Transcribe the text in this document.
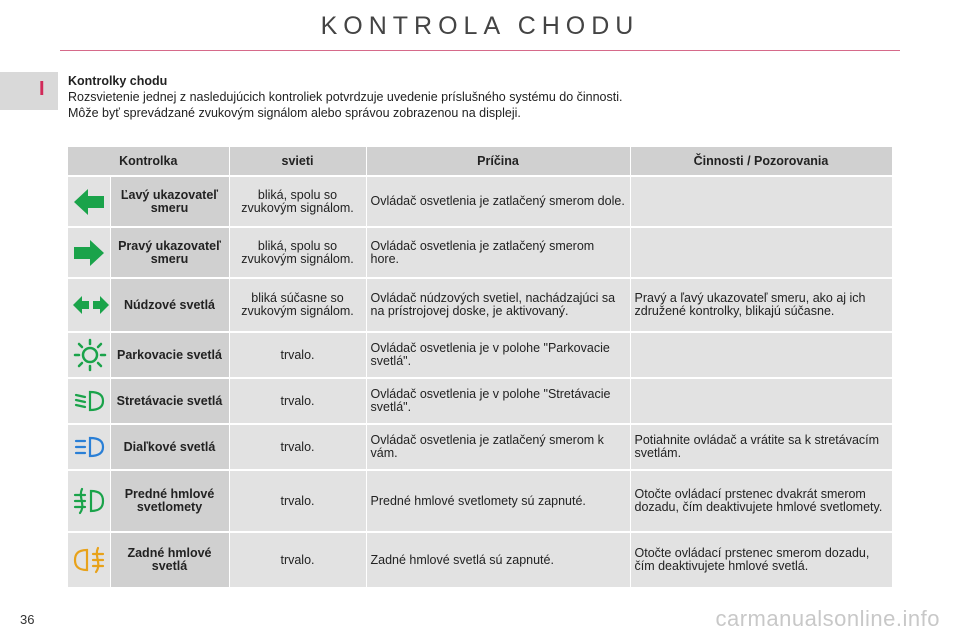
KONTROLA CHODU
I Kontrolky chodu
Rozsvietenie jednej z nasledujúcich kontroliek potvrdzuje uvedenie príslušného systému do činnosti.
Môže byť sprevádzané zvukovým signálom alebo správou zobrazenou na displeji.
Kontrolka		svieti	Príčina	Činnosti / Pozorovania

	Ľavý ukazovateľ smeru	bliká, spolu so zvukovým signálom.	Ovládač osvetlenia je zatlačený smerom dole.	

	Pravý ukazovateľ smeru	bliká, spolu so zvukovým signálom.	Ovládač osvetlenia je zatlačený smerom hore.	

	Núdzové svetlá	bliká súčasne so zvukovým signálom.	Ovládač núdzových svetiel, nachádzajúci sa na prístrojovej doske, je aktivovaný.	Pravý a ľavý ukazovateľ smeru, ako aj ich združené kontrolky, blikajú súčasne.

	Parkovacie svetlá	trvalo.	Ovládač osvetlenia je v polohe "Parkovacie svetlá".	

	Stretávacie svetlá	trvalo.	Ovládač osvetlenia je v polohe "Stretávacie svetlá".	

	Diaľkové svetlá	trvalo.	Ovládač osvetlenia je zatlačený smerom k vám.	Potiahnite ovládač a vrátite sa k stretávacím svetlám.

	Predné hmlové svetlomety	trvalo.	Predné hmlové svetlomety sú zapnuté.	Otočte ovládací prstenec dvakrát smerom dozadu, čím deaktivujete hmlové svetlomety.

	Zadné hmlové svetlá	trvalo.	Zadné hmlové svetlá sú zapnuté.	Otočte ovládací prstenec smerom dozadu, čím deaktivujete hmlové svetlá.
36	carmanualsonline.info
